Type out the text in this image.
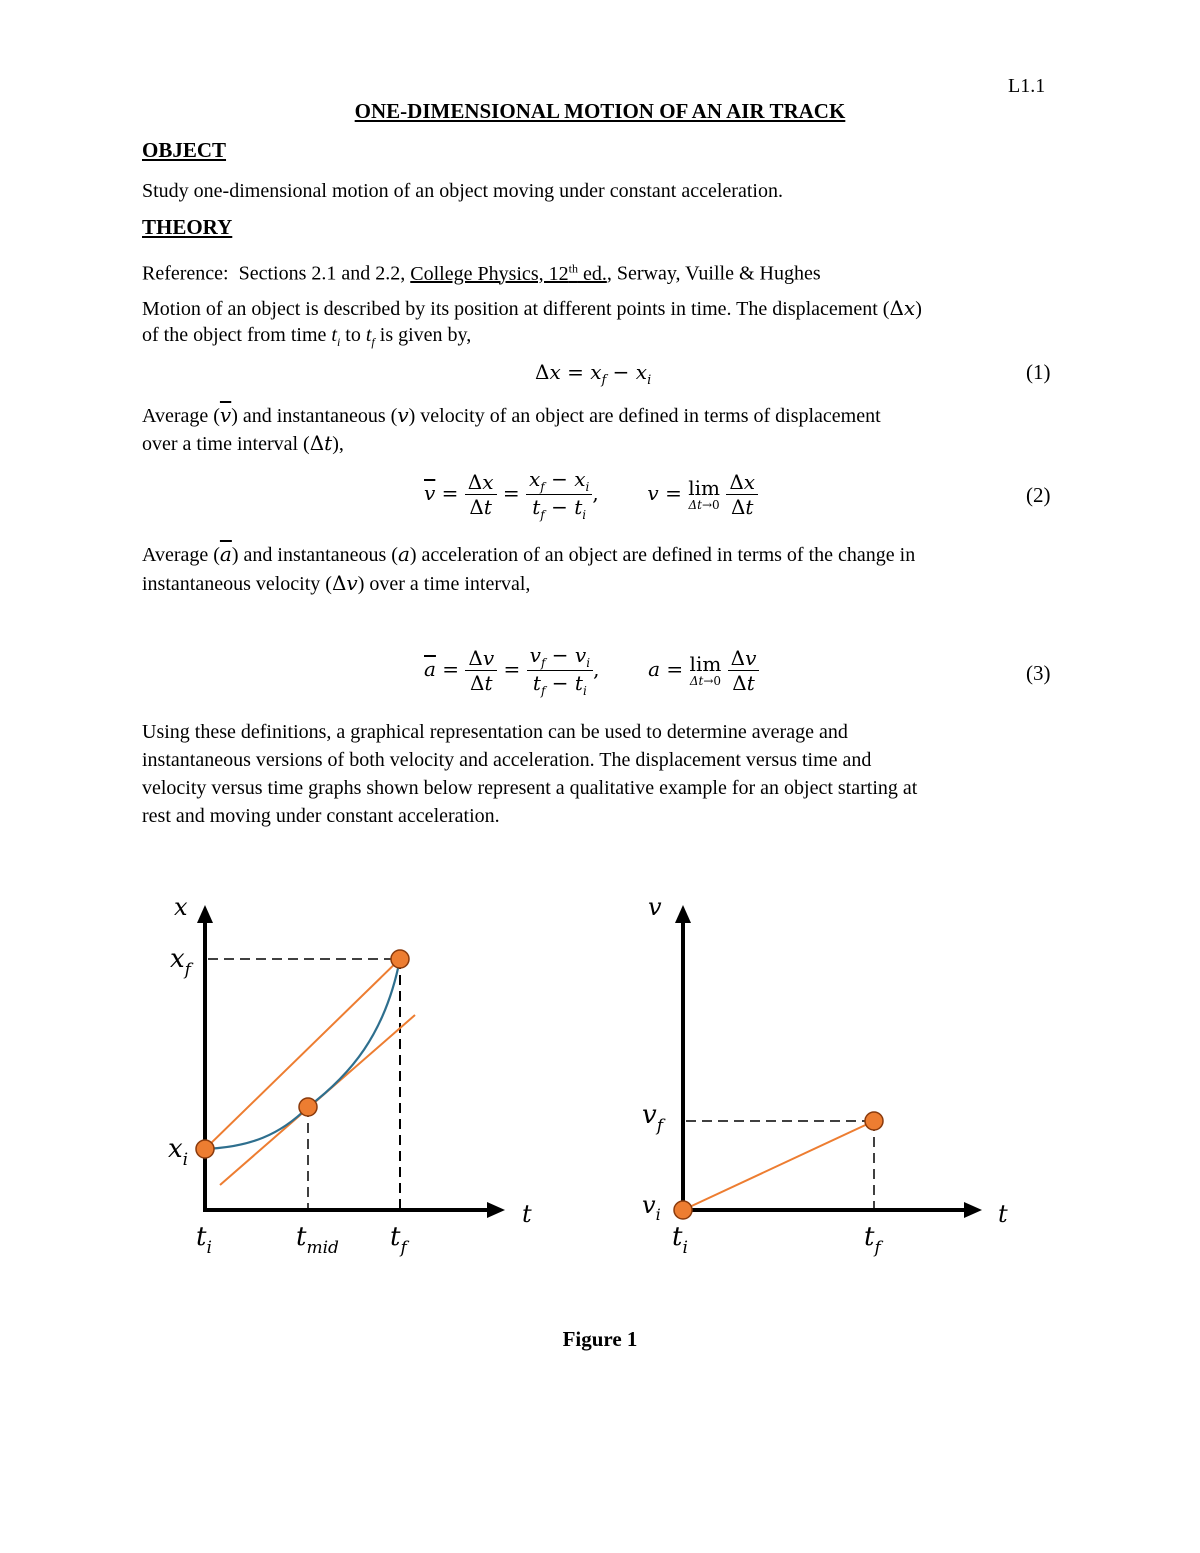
L1.1
ONE-DIMENSIONAL MOTION OF AN AIR TRACK
OBJECT
Study one-dimensional motion of an object moving under constant acceleration.
THEORY
Reference:  Sections 2.1 and 2.2, College Physics, 12th ed., Serway, Vuille & Hughes
Motion of an object is described by its position at different points in time. The displacement (Δx)
of the object from time $t_i$ to $t_f$ is given by,
$\Delta x = x_f - x_i$	(1)
Average $(\overline{v})$ and instantaneous (v) velocity of an object are defined in terms of displacement
over a time interval (Δt),
$\overline{v} = \frac{\Delta x}{\Delta t} = \frac{x_f - x_i}{t_f - t_i}$ ,  v = lim
Δt→0
$\frac{\Delta x}{\Delta t}$	(2)
Average $(\overline{a})$ and instantaneous (a) acceleration of an object are defined in terms of the change in
instantaneous velocity (Δv) over a time interval,
$\overline{a} = \frac{\Delta v}{\Delta t} = \frac{v_f - v_i}{t_f - t_i}$ ,  a = lim
Δt→0
$\frac{\Delta v}{\Delta t}$	(3)
Using these definitions, a graphical representation can be used to determine average and
instantaneous versions of both velocity and acceleration. The displacement versus time and
velocity versus time graphs shown below represent a qualitative example for an object starting at
rest and moving under constant acceleration.
x
$x_f$
$x_i$
$t_i$	$t_{mid}$ $t_f$
t
v
$v_f$
$v_i$
$t_i$	$t_f$
t
Figure 1
